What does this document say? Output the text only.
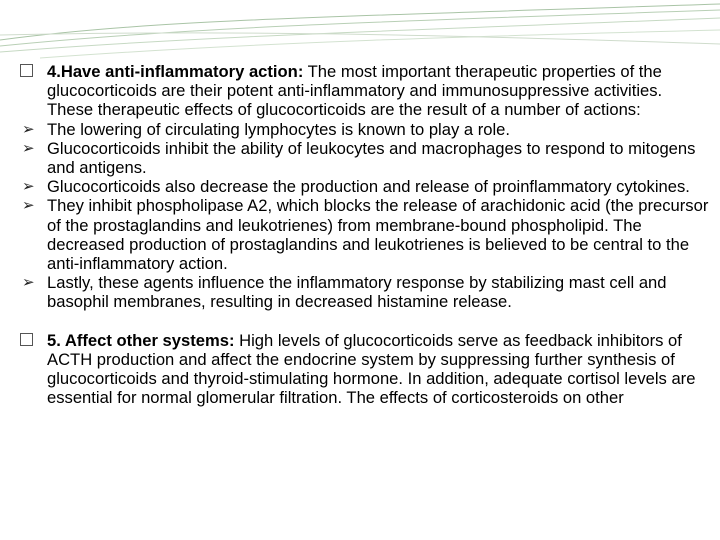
4.Have anti-inflammatory action: The most important therapeutic properties of the glucocorticoids are their potent anti-inflammatory and immunosuppressive activities. These therapeutic effects of glucocorticoids are the result of a number of actions:

➢ The lowering of circulating lymphocytes is known to play a role.

➢ Glucocorticoids inhibit the ability of leukocytes and macrophages to respond to mitogens and antigens.

➢ Glucocorticoids also decrease the production and release of proinflammatory cytokines.

➢ They inhibit phospholipase A2, which blocks the release of arachidonic acid (the precursor of the prostaglandins and leukotrienes) from membrane-bound phospholipid. The decreased production of prostaglandins and leukotrienes is believed to be central to the anti-inflammatory action.

➢ Lastly, these agents influence the inflammatory response by stabilizing mast cell and basophil membranes, resulting in decreased histamine release.

5. Affect other systems: High levels of glucocorticoids serve as feedback inhibitors of ACTH production and affect the endocrine system by suppressing further synthesis of glucocorticoids and thyroid-stimulating hormone. In addition, adequate cortisol levels are essential for normal glomerular filtration. The effects of corticosteroids on other
